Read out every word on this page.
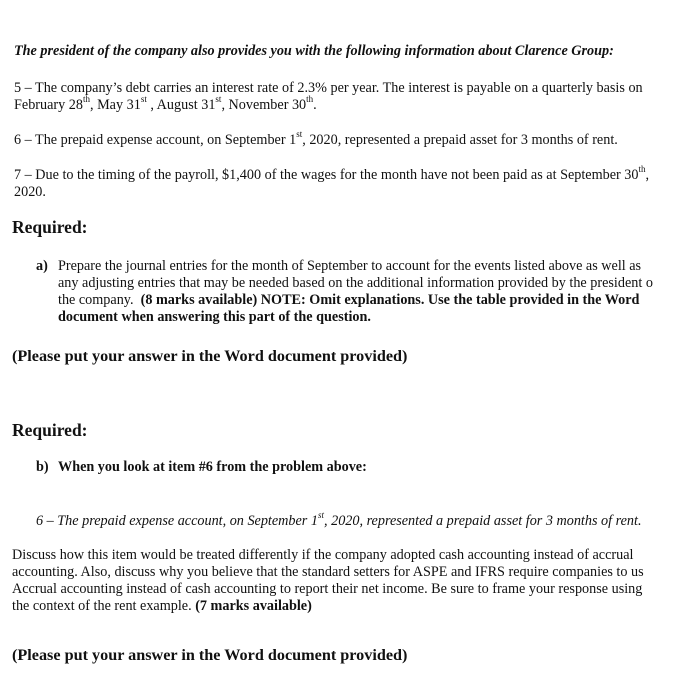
The president of the company also provides you with the following information about Clarence Group:
5 – The company’s debt carries an interest rate of 2.3% per year. The interest is payable on a quarterly basis on
February 28th, May 31st , August 31st, November 30th.
6 – The prepaid expense account, on September 1st, 2020, represented a prepaid asset for 3 months of rent.
7 – Due to the timing of the payroll, $1,400 of the wages for the month have not been paid as at September 30th,
2020.
Required:
a) Prepare the journal entries for the month of September to account for the events listed above as well as
any adjusting entries that may be needed based on the additional information provided by the president o
the company. (8 marks available) NOTE: Omit explanations. Use the table provided in the Word
document when answering this part of the question.
(Please put your answer in the Word document provided)
Required:
b) When you look at item #6 from the problem above:
6 – The prepaid expense account, on September 1st, 2020, represented a prepaid asset for 3 months of rent.
Discuss how this item would be treated differently if the company adopted cash accounting instead of accrual
accounting. Also, discuss why you believe that the standard setters for ASPE and IFRS require companies to us
Accrual accounting instead of cash accounting to report their net income. Be sure to frame your response using
the context of the rent example. (7 marks available)
(Please put your answer in the Word document provided)
